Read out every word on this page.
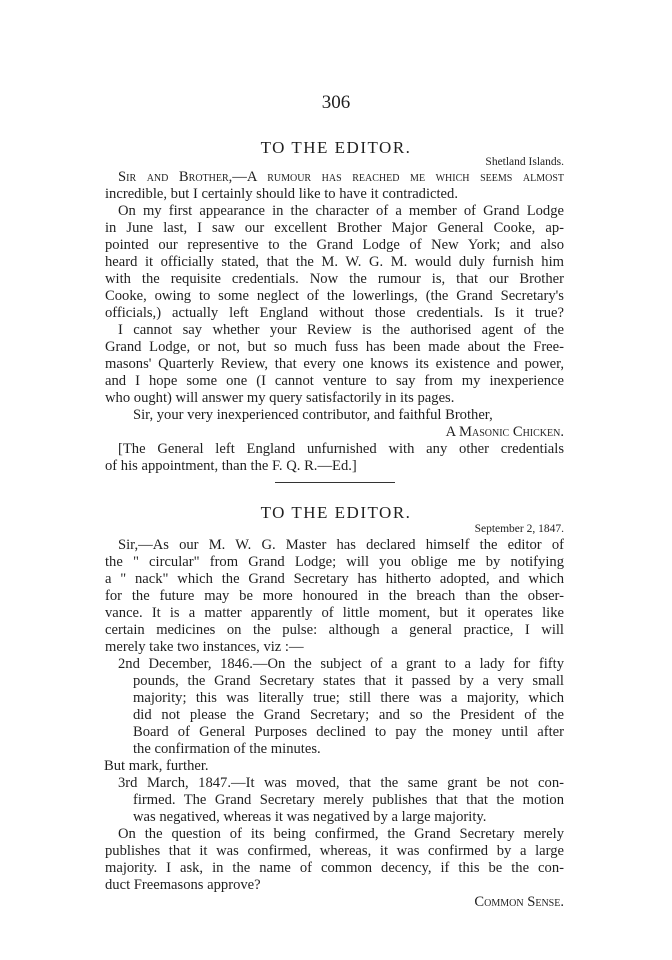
306
TO THE EDITOR.
Shetland Islands.
Sir and Brother,—A rumour has reached me which seems almost
incredible, but I certainly should like to have it contradicted.
On my first appearance in the character of a member of Grand Lodge
in June last, I saw our excellent Brother Major General Cooke, ap-
pointed our representive to the Grand Lodge of New York; and also
heard it officially stated, that the M. W. G. M. would duly furnish him
with the requisite credentials. Now the rumour is, that our Brother
Cooke, owing to some neglect of the lowerlings, (the Grand Secretary's
officials,) actually left England without those credentials. Is it true?
I cannot say whether your Review is the authorised agent of the
Grand Lodge, or not, but so much fuss has been made about the Free-
masons' Quarterly Review, that every one knows its existence and power,
and I hope some one (I cannot venture to say from my inexperience
who ought) will answer my query satisfactorily in its pages.
Sir, your very inexperienced contributor, and faithful Brother,
A Masonic Chicken.
[The General left England unfurnished with any other credentials
of his appointment, than the F. Q. R.—Ed.]
TO THE EDITOR.
September 2, 1847.
Sir,—As our M. W. G. Master has declared himself the editor of
the " circular" from Grand Lodge; will you oblige me by notifying
a " nack" which the Grand Secretary has hitherto adopted, and which
for the future may be more honoured in the breach than the obser-
vance. It is a matter apparently of little moment, but it operates like
certain medicines on the pulse: although a general practice, I will
merely take two instances, viz :—
2nd December, 1846.—On the subject of a grant to a lady for fifty
pounds, the Grand Secretary states that it passed by a very small
majority; this was literally true; still there was a majority, which
did not please the Grand Secretary; and so the President of the
Board of General Purposes declined to pay the money until after
the confirmation of the minutes.
But mark, further.
3rd March, 1847.—It was moved, that the same grant be not con-
firmed. The Grand Secretary merely publishes that that the motion
was negatived, whereas it was negatived by a large majority.
On the question of its being confirmed, the Grand Secretary merely
publishes that it was confirmed, whereas, it was confirmed by a large
majority. I ask, in the name of common decency, if this be the con-
duct Freemasons approve?
Common Sense.
